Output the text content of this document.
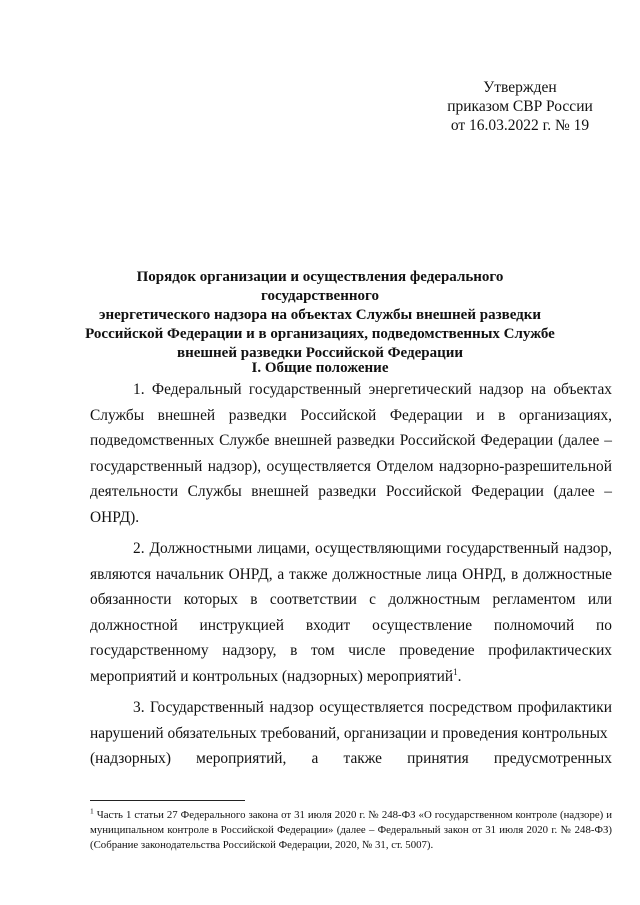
Утвержден
приказом СВР России
от 16.03.2022 г. № 19
Порядок организации и осуществления федерального государственного
энергетического надзора на объектах Службы внешней разведки
Российской Федерации и в организациях, подведомственных Службе
внешней разведки Российской Федерации
I. Общие положение

1. Федеральный государственный энергетический надзор на объектах Службы внешней разведки Российской Федерации и в организациях, подведомственных Службе внешней разведки Российской Федерации (далее – государственный надзор), осуществляется Отделом надзорно-разрешительной деятельности Службы внешней разведки Российской Федерации (далее – ОНРД).

2. Должностными лицами, осуществляющими государственный надзор, являются начальник ОНРД, а также должностные лица ОНРД, в должностные обязанности которых в соответствии с должностным регламентом или должностной инструкцией входит осуществление полномочий по государственному надзору, в том числе проведение профилактических мероприятий и контрольных (надзорных) мероприятий$^1$.

3. Государственный надзор осуществляется посредством профилактики нарушений обязательных требований, организации и проведения контрольных

(надзорных) мероприятий, а также принятия предусмотренных
$^1$ Часть 1 статьи 27 Федерального закона от 31 июля 2020 г. № 248-ФЗ «О государственном контроле (надзоре) и муниципальном контроле в Российской Федерации» (далее – Федеральный закон от 31 июля 2020 г. № 248-ФЗ) (Собрание законодательства Российской Федерации, 2020, № 31, ст. 5007).
